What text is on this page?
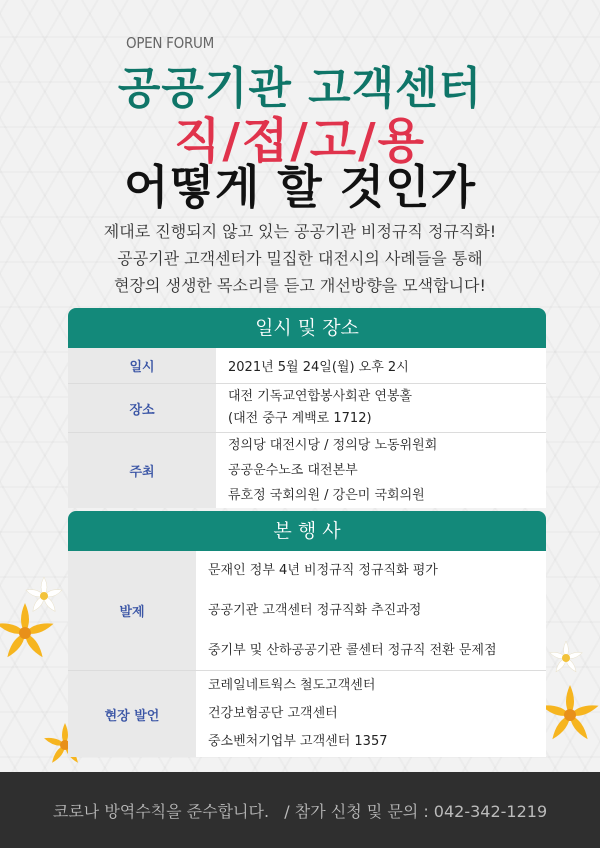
OPEN FORUM
공공기관 고객센터
직/접/고/용
어떻게 할 것인가
제대로 진행되지 않고 있는 공공기관 비정규직 정규직화!
공공기관 고객센터가 밀집한 대전시의 사례들을 통해
현장의 생생한 목소리를 듣고 개선방향을 모색합니다!
일시 및 장소
일시	2021년 5월 24일(월) 오후 2시
장소
대전 기독교연합봉사회관 연봉홀
(대전 중구 계백로 1712)
주최
정의당 대전시당 / 정의당 노동위원회
공공운수노조 대전본부
류호정 국회의원 / 강은미 국회의원
본 행 사
발제
문재인 정부 4년 비정규직 정규직화 평가
공공기관 고객센터 정규직화 추진과정
중기부 및 산하공공기관 콜센터 정규직 전환 문제점
현장 발언
코레일네트웍스 철도고객센터
건강보험공단 고객센터
중소벤처기업부 고객센터 1357
코로나 방역수칙을 준수합니다.   / 참가 신청 및 문의 : 042-342-1219
